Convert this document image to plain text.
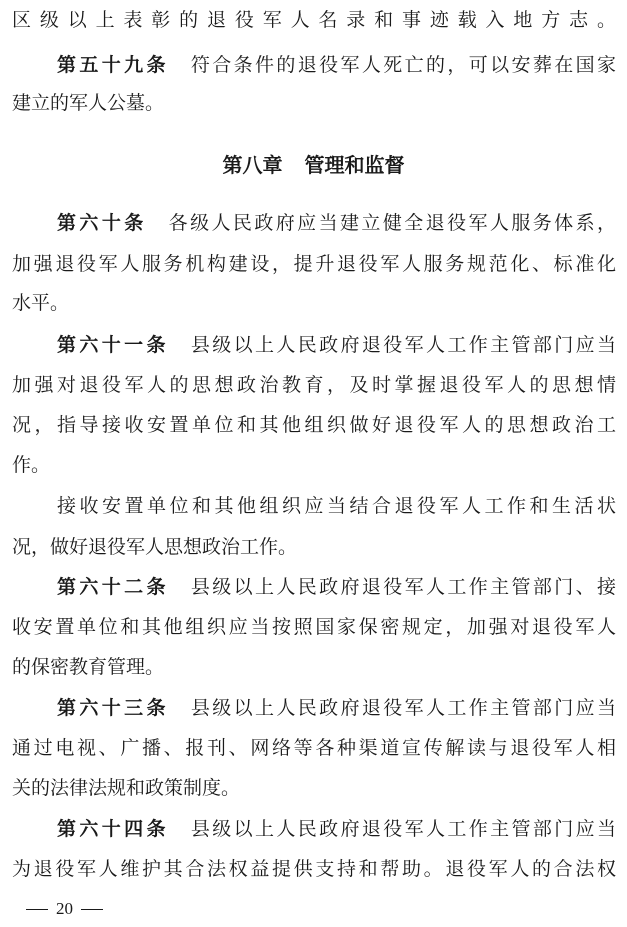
区级以上表彰的退役军人名录和事迹载入地方志。
第五十九条 符合条件的退役军人死亡的，可以安葬在国家
建立的军人公墓。
第八章 管理和监督
第六十条 各级人民政府应当建立健全退役军人服务体系，
加强退役军人服务机构建设，提升退役军人服务规范化、标准化
水平。
第六十一条 县级以上人民政府退役军人工作主管部门应当
加强对退役军人的思想政治教育，及时掌握退役军人的思想情
况，指导接收安置单位和其他组织做好退役军人的思想政治工
作。
接收安置单位和其他组织应当结合退役军人工作和生活状
况，做好退役军人思想政治工作。
第六十二条 县级以上人民政府退役军人工作主管部门、接
收安置单位和其他组织应当按照国家保密规定，加强对退役军人
的保密教育管理。
第六十三条 县级以上人民政府退役军人工作主管部门应当
通过电视、广播、报刊、网络等各种渠道宣传解读与退役军人相
关的法律法规和政策制度。
第六十四条 县级以上人民政府退役军人工作主管部门应当
为退役军人维护其合法权益提供支持和帮助。退役军人的合法权
20
